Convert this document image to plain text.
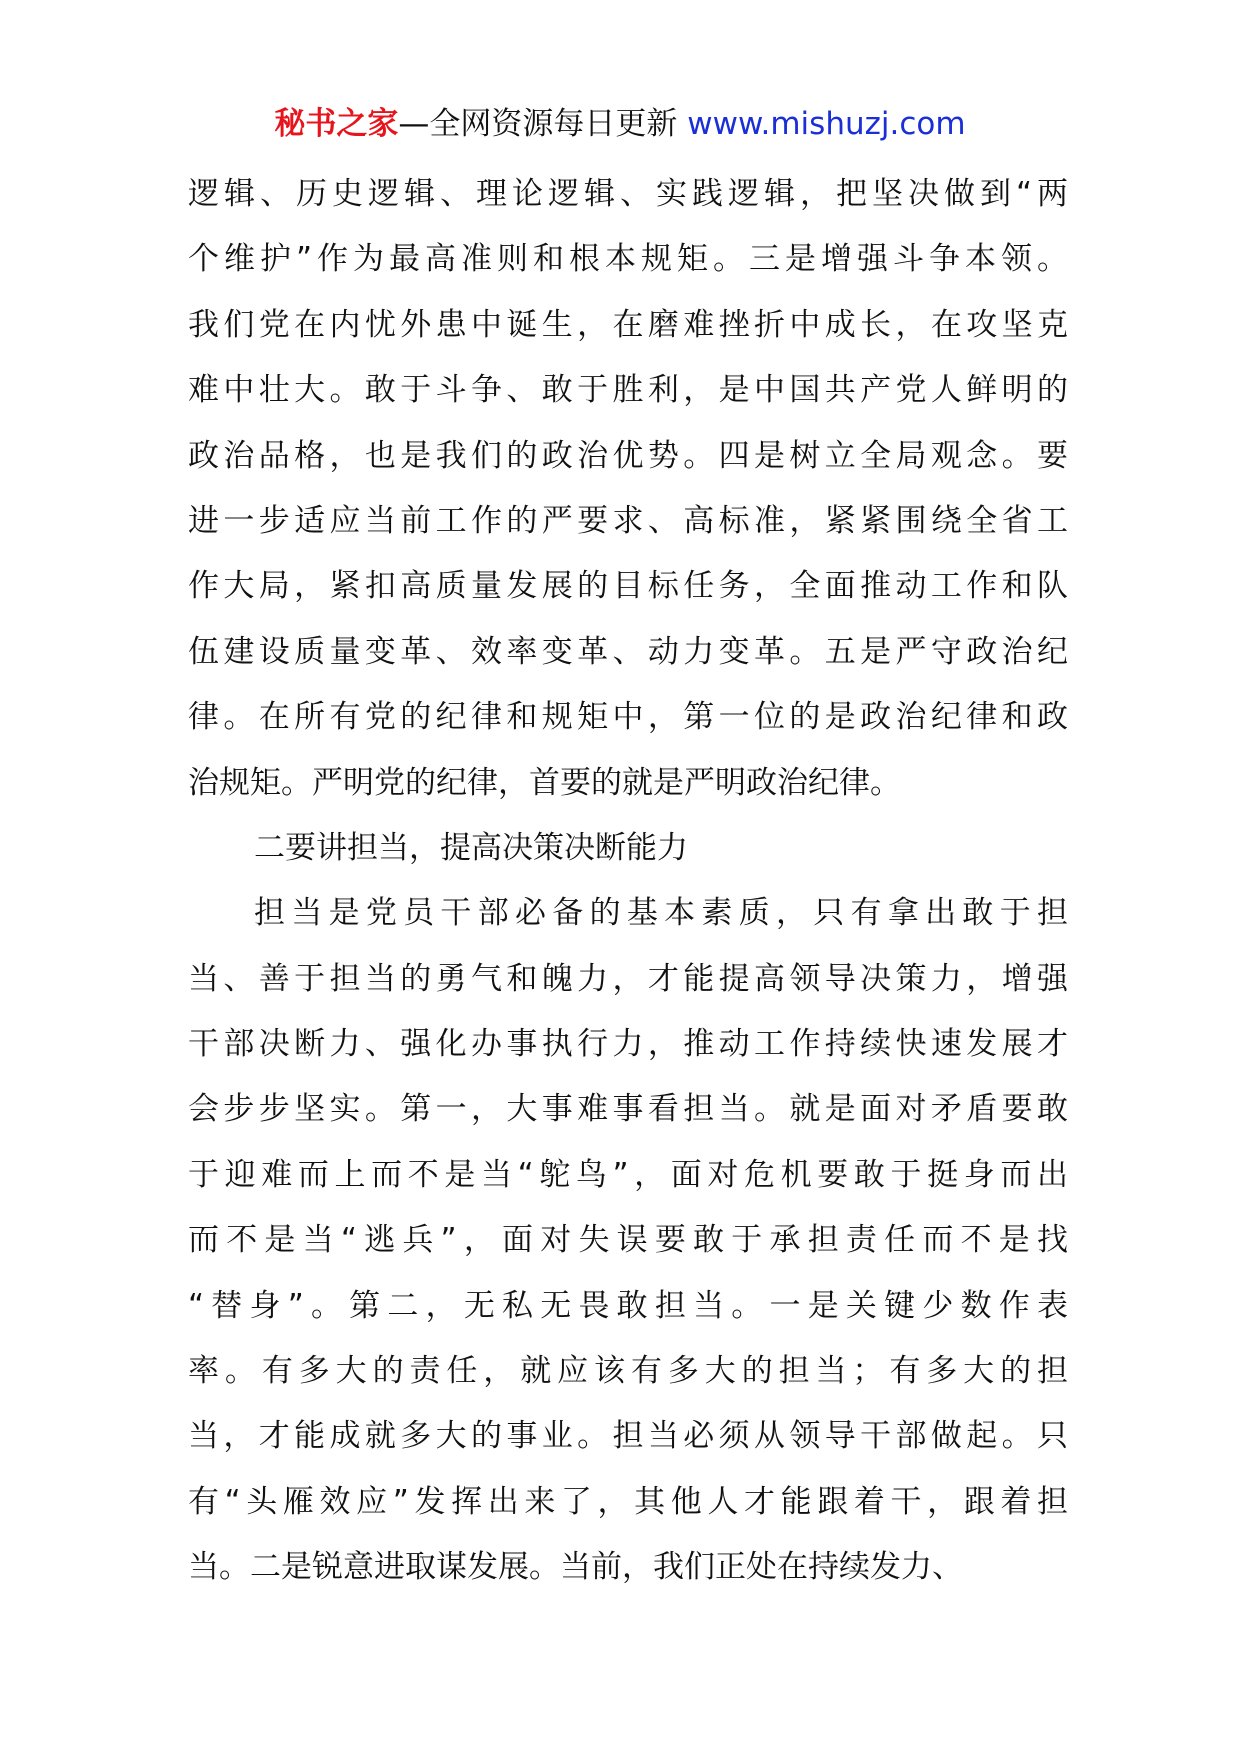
秘书之家—全网资源每日更新 www.mishuzj.com
逻辑、历史逻辑、理论逻辑、实践逻辑，把坚决做到“两
个维护”作为最高准则和根本规矩。三是增强斗争本领。
我们党在内忧外患中诞生，在磨难挫折中成长，在攻坚克
难中壮大。敢于斗争、敢于胜利，是中国共产党人鲜明的
政治品格，也是我们的政治优势。四是树立全局观念。要
进一步适应当前工作的严要求、高标准，紧紧围绕全省工
作大局，紧扣高质量发展的目标任务，全面推动工作和队
伍建设质量变革、效率变革、动力变革。五是严守政治纪
律。在所有党的纪律和规矩中，第一位的是政治纪律和政
治规矩。严明党的纪律，首要的就是严明政治纪律。
二要讲担当，提高决策决断能力
担当是党员干部必备的基本素质，只有拿出敢于担
当、善于担当的勇气和魄力，才能提高领导决策力，增强
干部决断力、强化办事执行力，推动工作持续快速发展才
会步步坚实。第一，大事难事看担当。就是面对矛盾要敢
于迎难而上而不是当“鸵鸟”，面对危机要敢于挺身而出
而不是当“逃兵”，面对失误要敢于承担责任而不是找
“替身”。第二，无私无畏敢担当。一是关键少数作表
率。有多大的责任，就应该有多大的担当；有多大的担
当，才能成就多大的事业。担当必须从领导干部做起。只
有“头雁效应”发挥出来了，其他人才能跟着干，跟着担
当。二是锐意进取谋发展。当前，我们正处在持续发力、
